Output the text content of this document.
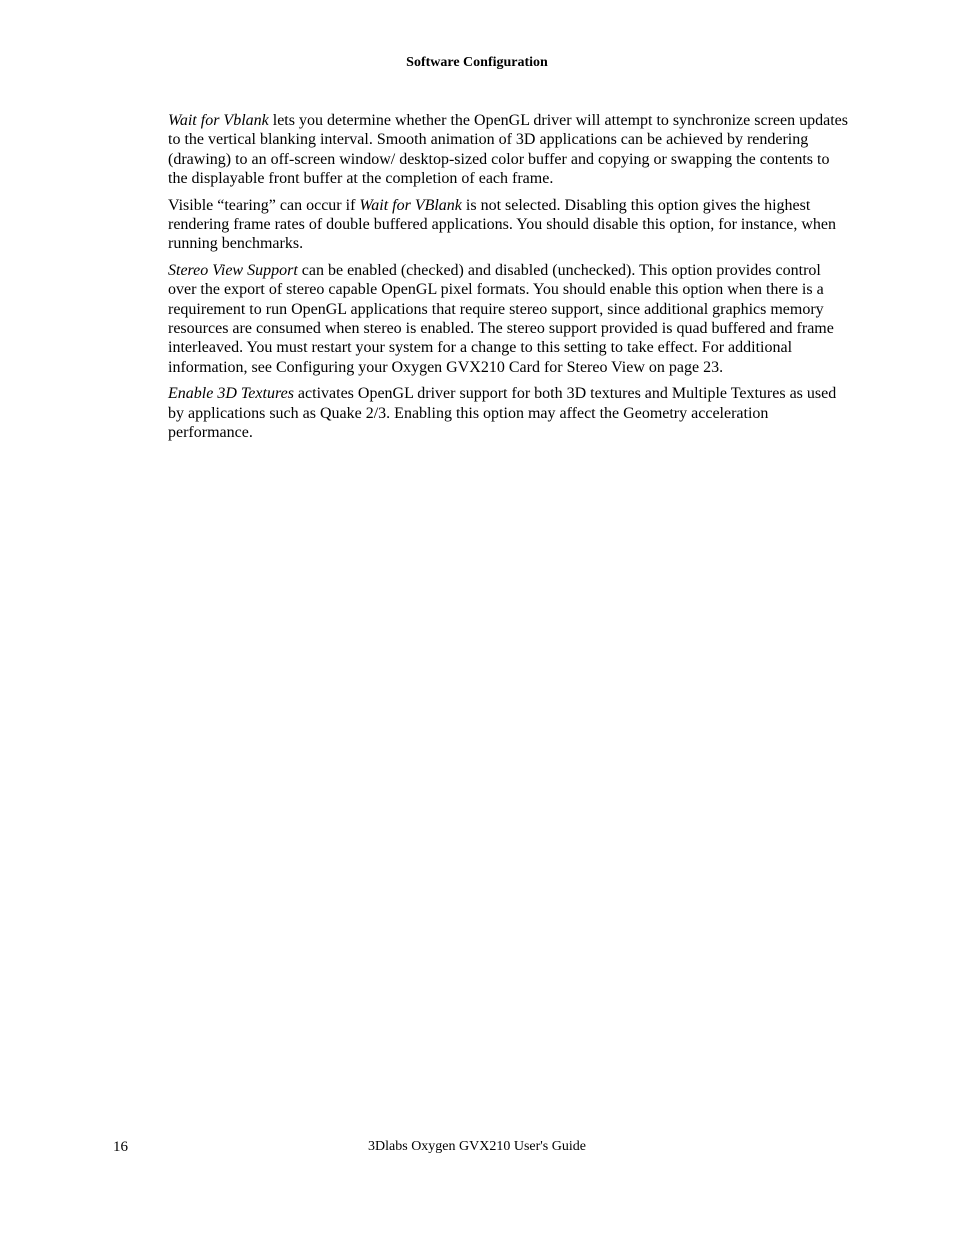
Software Configuration

Wait for Vblank lets you determine whether the OpenGL driver will attempt to synchronize screen updates to the vertical blanking interval. Smooth animation of 3D applications can be achieved by rendering (drawing) to an off-screen window/ desktop-sized color buffer and copying or swapping the contents to the displayable front buffer at the completion of each frame.

Visible “tearing” can occur if Wait for VBlank is not selected. Disabling this option gives the highest rendering frame rates of double buffered applications. You should disable this option, for instance, when running benchmarks.

Stereo View Support can be enabled (checked) and disabled (unchecked). This option provides control over the export of stereo capable OpenGL pixel formats. You should enable this option when there is a requirement to run OpenGL applications that require stereo support, since additional graphics memory resources are consumed when stereo is enabled. The stereo support provided is quad buffered and frame interleaved. You must restart your system for a change to this setting to take effect. For additional information, see Configuring your Oxygen GVX210 Card for Stereo View on page 23.

Enable 3D Textures activates OpenGL driver support for both 3D textures and Multiple Textures as used by applications such as Quake 2/3. Enabling this option may affect the Geometry acceleration performance.

16	3Dlabs Oxygen GVX210 User's Guide
